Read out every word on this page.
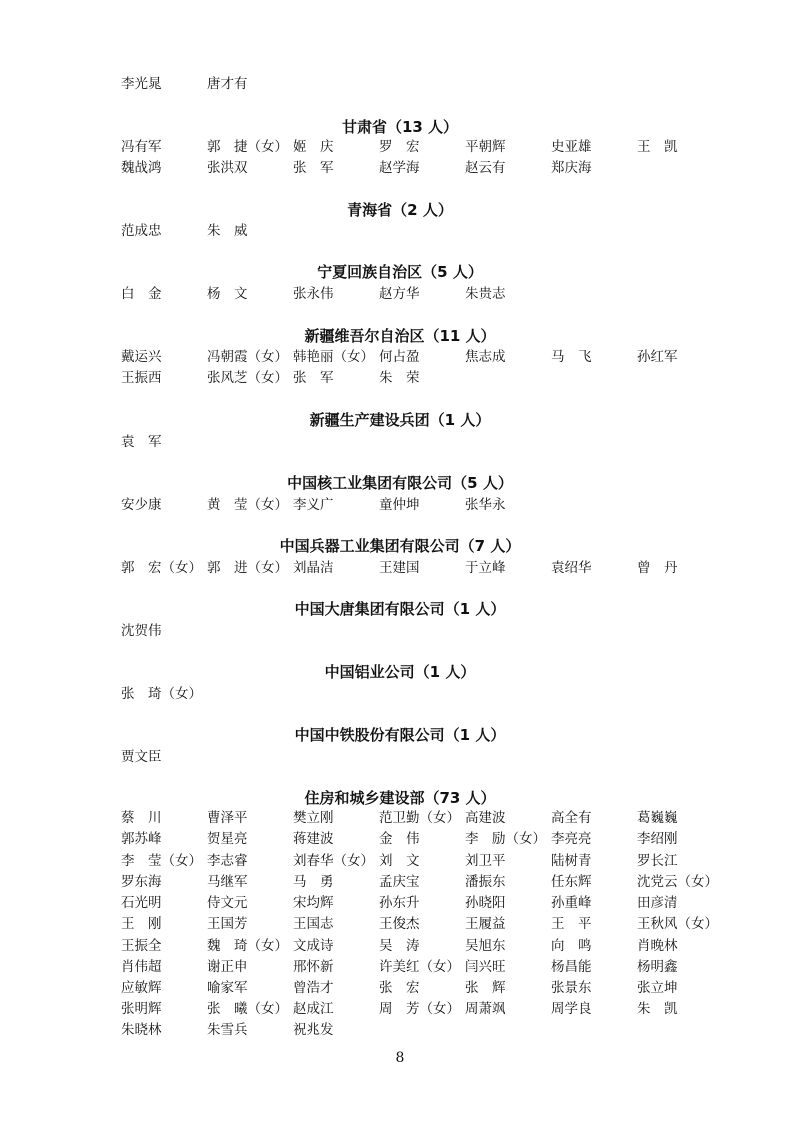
李光晁	唐才有
甘肃省（13 人）
冯有军	郭　捷（女） 姬　庆	罗　宏	平朝辉	史亚雄	王　凯
魏战鸿	张洪双	张　军	赵学海	赵云有	郑庆海
青海省（2 人）
范成忠	朱　威
宁夏回族自治区（5 人）
白　金	杨　文	张永伟	赵方华	朱贵志
新疆维吾尔自治区（11 人）
戴运兴	冯朝霞（女） 韩艳丽（女） 何占盈	焦志成	马　飞	孙红军
王振西	张风芝（女） 张　军	朱　荣
新疆生产建设兵团（1 人）
袁　军
中国核工业集团有限公司（5 人）
安少康	黄　莹（女） 李义广	童仲坤	张华永
中国兵器工业集团有限公司（7 人）
郭　宏（女） 郭　进（女） 刘晶洁	王建国	于立峰	袁绍华	曾　丹
中国大唐集团有限公司（1 人）
沈贺伟
中国铝业公司（1 人）
张　琦（女）
中国中铁股份有限公司（1 人）
贾文臣
住房和城乡建设部（73 人）
蔡　川	曹泽平	樊立刚	范卫勤（女） 高建波	高全有	葛巍巍
郭苏峰	贺星亮	蒋建波	金　伟	李　励（女） 李亮亮	李绍刚
李　莹（女） 李志睿	刘春华（女） 刘　文	刘卫平	陆树青	罗长江
罗东海	马继军	马　勇	孟庆宝	潘振东	任东辉	沈党云（女）
石光明	侍文元	宋均辉	孙东升	孙晓阳	孙重峰	田彦清
王　刚	王国芳	王国志	王俊杰	王履益	王　平	王秋风（女）
王振全	魏　琦（女） 文成诗	吴　涛	吴旭东	向　鸣	肖晚林
肖伟超	谢正申	邢怀新	许美红（女） 闫兴旺	杨昌能	杨明鑫
应敏辉	喻家军	曾浩才	张　宏	张　辉	张景东	张立坤
张明辉	张　曦（女） 赵成江	周　芳（女） 周萧飒	周学良	朱　凯
朱晓林	朱雪兵	祝兆发
8
